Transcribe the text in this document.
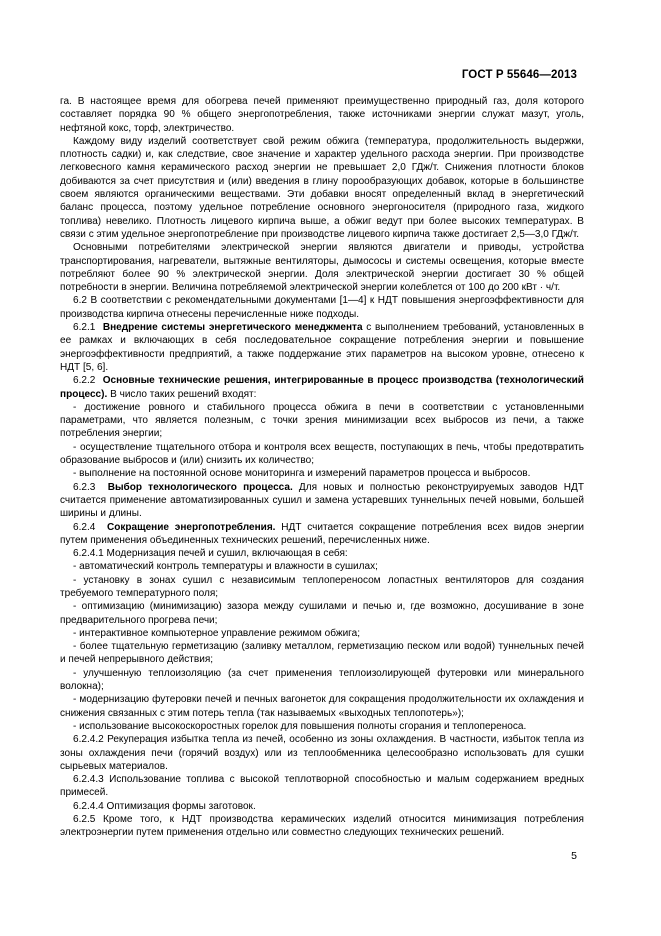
ГОСТ Р 55646—2013

га. В настоящее время для обогрева печей применяют преимущественно природный газ, доля которого составляет порядка 90 % общего энергопотребления, также источниками энергии служат мазут, уголь, нефтяной кокс, торф, электричество.

Каждому виду изделий соответствует свой режим обжига (температура, продолжительность выдержки, плотность садки) и, как следствие, свое значение и характер удельного расхода энергии. При производстве легковесного камня керамического расход энергии не превышает 2,0 ГДж/т. Снижения плотности блоков добиваются за счет присутствия и (или) введения в глину порообразующих добавок, которые в большинстве своем являются органическими веществами. Эти добавки вносят определенный вклад в энергетический баланс процесса, поэтому удельное потребление основного энергоносителя (природного газа, жидкого топлива) невелико. Плотность лицевого кирпича выше, а обжиг ведут при более высоких температурах. В связи с этим удельное энергопотребление при производстве лицевого кирпича также достигает 2,5—3,0 ГДж/т.

Основными потребителями электрической энергии являются двигатели и приводы, устройства транспортирования, нагреватели, вытяжные вентиляторы, дымососы и системы освещения, которые вместе потребляют более 90 % электрической энергии. Доля электрической энергии достигает 30 % общей потребности в энергии. Величина потребляемой электрической энергии колеблется от 100 до 200 кВт · ч/т.

6.2 В соответствии с рекомендательными документами [1—4] к НДТ повышения энергоэффективности для производства кирпича отнесены перечисленные ниже подходы.

6.2.1 Внедрение системы энергетического менеджмента с выполнением требований, установленных в ее рамках и включающих в себя последовательное сокращение потребления энергии и повышение энергоэффективности предприятий, а также поддержание этих параметров на высоком уровне, отнесено к НДТ [5, 6].

6.2.2 Основные технические решения, интегрированные в процесс производства (технологический процесс). В число таких решений входят:

- достижение ровного и стабильного процесса обжига в печи в соответствии с установленными параметрами, что является полезным, с точки зрения минимизации всех выбросов из печи, а также потребления энергии;

- осуществление тщательного отбора и контроля всех веществ, поступающих в печь, чтобы предотвратить образование выбросов и (или) снизить их количество;

- выполнение на постоянной основе мониторинга и измерений параметров процесса и выбросов.

6.2.3 Выбор технологического процесса. Для новых и полностью реконструируемых заводов НДТ считается применение автоматизированных сушил и замена устаревших туннельных печей новыми, большей ширины и длины.

6.2.4 Сокращение энергопотребления. НДТ считается сокращение потребления всех видов энергии путем применения объединенных технических решений, перечисленных ниже.

6.2.4.1 Модернизация печей и сушил, включающая в себя:

- автоматический контроль температуры и влажности в сушилах;

- установку в зонах сушил с независимым теплоперенoсом лопастных вентиляторов для создания требуемого температурного поля;

- оптимизацию (минимизацию) зазора между сушилами и печью и, где возможно, досушивание в зоне предварительного прогрева печи;

- интерактивное компьютерное управление режимом обжига;

- более тщательную герметизацию (заливку металлом, герметизацию песком или водой) туннельных печей и печей непрерывного действия;

- улучшенную теплоизоляцию (за счет применения теплоизолирующей футеровки или минерального волокна);

- модернизацию футеровки печей и печных вагонеток для сокращения продолжительности их охлаждения и снижения связанных с этим потерь тепла (так называемых «выходных теплопотерь»);

- использование высокоскоростных горелок для повышения полноты сгорания и теплопереноса.

6.2.4.2 Рекуперация избытка тепла из печей, особенно из зоны охлаждения. В частности, избыток тепла из зоны охлаждения печи (горячий воздух) или из теплообменника целесообразно использовать для сушки сырьевых материалов.

6.2.4.3 Использование топлива с высокой теплотворной способностью и малым содержанием вредных примесей.

6.2.4.4 Оптимизация формы заготовок.

6.2.5 Кроме того, к НДТ производства керамических изделий относится минимизация потребления электроэнергии путем применения отдельно или совместно следующих технических решений.

5
